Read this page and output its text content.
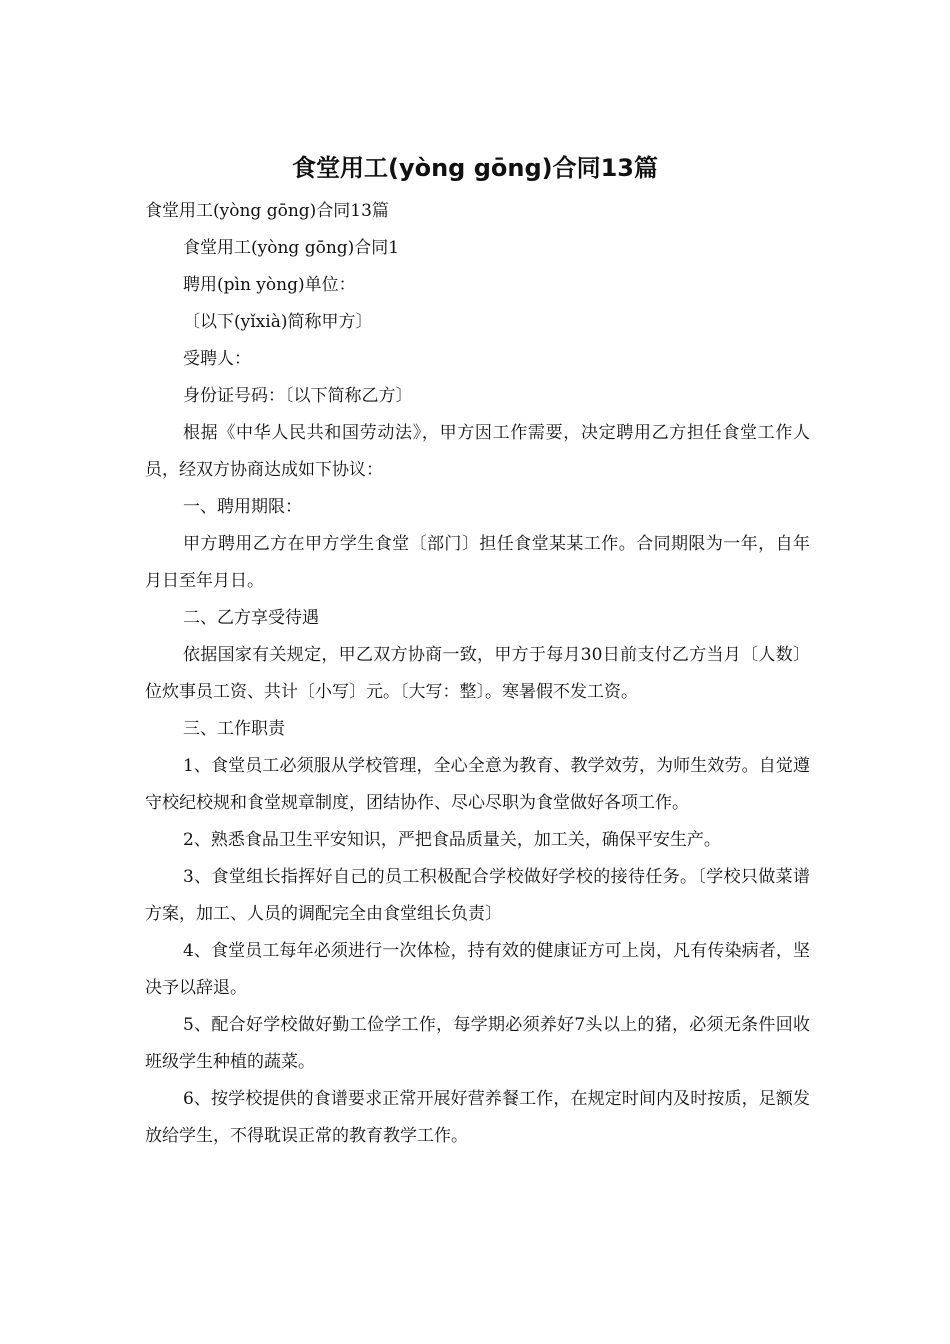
食堂用工(yòng gōng)合同13篇

食堂用工(yòng gōng)合同13篇

食堂用工(yòng gōng)合同1

聘用(pìn yòng)单位：

〔以下(yǐxià)简称甲方〕

受聘人：

身份证号码：〔以下简称乙方〕

根据《中华人民共和国劳动法》，甲方因工作需要，决定聘用乙方担任食堂工作人员，经双方协商达成如下协议：

一、聘用期限：

甲方聘用乙方在甲方学生食堂〔部门〕担任食堂某某工作。合同期限为一年，自年月日至年月日。

二、乙方享受待遇

依据国家有关规定，甲乙双方协商一致，甲方于每月30日前支付乙方当月〔人数〕位炊事员工资、共计〔小写〕元。〔大写：整〕。寒暑假不发工资。

三、工作职责

1、食堂员工必须服从学校管理，全心全意为教育、教学效劳，为师生效劳。自觉遵守校纪校规和食堂规章制度，团结协作、尽心尽职为食堂做好各项工作。

2、熟悉食品卫生平安知识，严把食品质量关，加工关，确保平安生产。

3、食堂组长指挥好自己的员工积极配合学校做好学校的接待任务。〔学校只做菜谱方案，加工、人员的调配完全由食堂组长负责〕

4、食堂员工每年必须进行一次体检，持有效的健康证方可上岗，凡有传染病者，坚决予以辞退。

5、配合好学校做好勤工俭学工作，每学期必须养好7头以上的猪，必须无条件回收班级学生种植的蔬菜。

6、按学校提供的食谱要求正常开展好营养餐工作，在规定时间内及时按质，足额发放给学生，不得耽误正常的教育教学工作。
